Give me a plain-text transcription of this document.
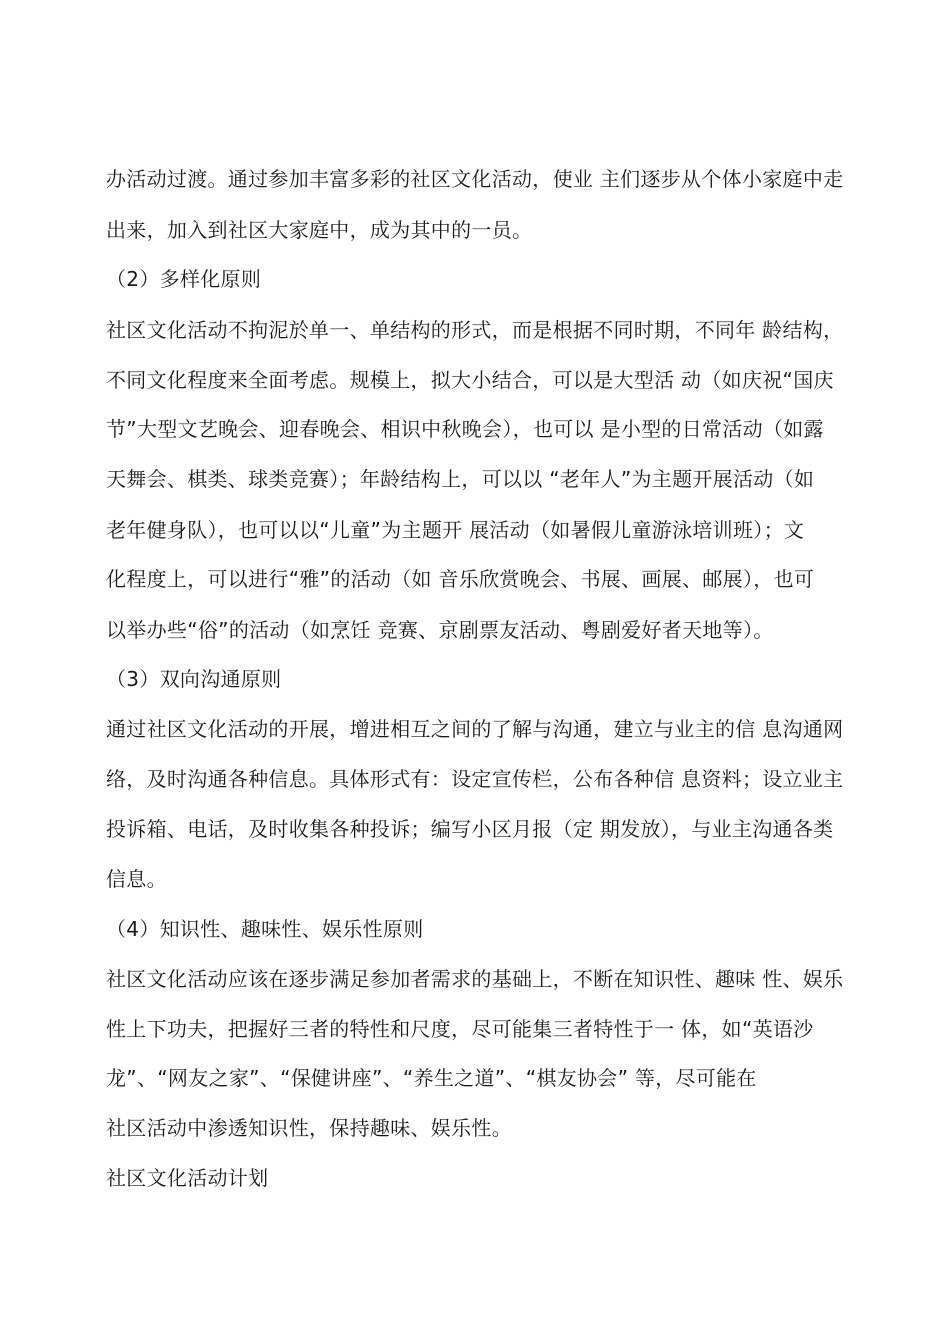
办活动过渡。通过参加丰富多彩的社区文化活动，使业 主们逐步从个体小家庭中走
出来，加入到社区大家庭中，成为其中的一员。
（2）多样化原则
社区文化活动不拘泥於单一、单结构的形式，而是根据不同时期，不同年 龄结构，
不同文化程度来全面考虑。规模上，拟大小结合，可以是大型活 动（如庆祝“国庆
节”大型文艺晚会、迎春晚会、相识中秋晚会），也可以 是小型的日常活动（如露
天舞会、棋类、球类竞赛）；年龄结构上，可以以 “老年人”为主题开展活动（如
老年健身队），也可以以“儿童”为主题开 展活动（如暑假儿童游泳培训班）；文
化程度上，可以进行“雅”的活动（如 音乐欣赏晚会、书展、画展、邮展），也可
以举办些“俗”的活动（如烹饪 竞赛、京剧票友活动、粤剧爱好者天地等）。
（3）双向沟通原则
通过社区文化活动的开展，增进相互之间的了解与沟通，建立与业主的信 息沟通网
络，及时沟通各种信息。具体形式有：设定宣传栏，公布各种信 息资料；设立业主
投诉箱、电话，及时收集各种投诉；编写小区月报（定 期发放），与业主沟通各类
信息。
（4）知识性、趣味性、娱乐性原则
社区文化活动应该在逐步满足参加者需求的基础上，不断在知识性、趣味 性、娱乐
性上下功夫，把握好三者的特性和尺度，尽可能集三者特性于一 体，如“英语沙
龙”、“网友之家”、“保健讲座”、“养生之道”、“棋友协会” 等，尽可能在
社区活动中渗透知识性，保持趣味、娱乐性。
社区文化活动计划
